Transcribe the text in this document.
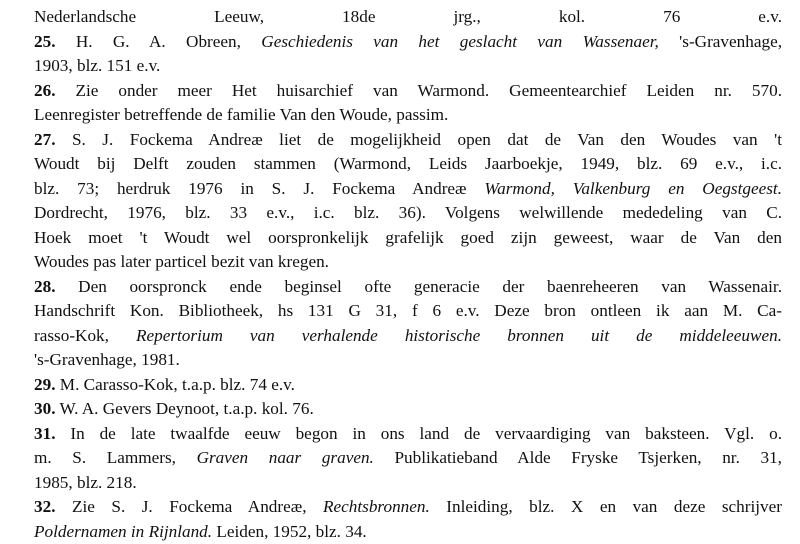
Nederlandsche Leeuw, 18de jrg., kol. 76 e.v.
25. H. G. A. Obreen, Geschiedenis van het geslacht van Wassenaer, 's-Gravenhage,
1903, blz. 151 e.v.
26. Zie onder meer Het huisarchief van Warmond. Gemeentearchief Leiden nr. 570.
Leenregister betreffende de familie Van den Woude, passim.
27. S. J. Fockema Andreæ liet de mogelijkheid open dat de Van den Woudes van 't
Woudt bij Delft zouden stammen (Warmond, Leids Jaarboekje, 1949, blz. 69 e.v., i.c.
blz. 73; herdruk 1976 in S. J. Fockema Andreæ Warmond, Valkenburg en Oegstgeest.
Dordrecht, 1976, blz. 33 e.v., i.c. blz. 36). Volgens welwillende mededeling van C.
Hoek moet 't Woudt wel oorspronkelijk grafelijk goed zijn geweest, waar de Van den
Woudes pas later particel bezit van kregen.
28. Den oorspronck ende beginsel ofte generacie der baenreheeren van Wassenair.
Handschrift Kon. Bibliotheek, hs 131 G 31, f 6 e.v. Deze bron ontleen ik aan M. Ca-
rasso-Kok, Repertorium van verhalende historische bronnen uit de middeleeuwen.
's-Gravenhage, 1981.
29. M. Carasso-Kok, t.a.p. blz. 74 e.v.
30. W. A. Gevers Deynoot, t.a.p. kol. 76.
31. In de late twaalfde eeuw begon in ons land de vervaardiging van baksteen. Vgl. o.
m. S. Lammers, Graven naar graven. Publikatieband Alde Fryske Tsjerken, nr. 31,
1985, blz. 218.
32. Zie S. J. Fockema Andreæ, Rechtsbronnen. Inleiding, blz. X en van deze schrijver
Poldernamen in Rijnland. Leiden, 1952, blz. 34.
